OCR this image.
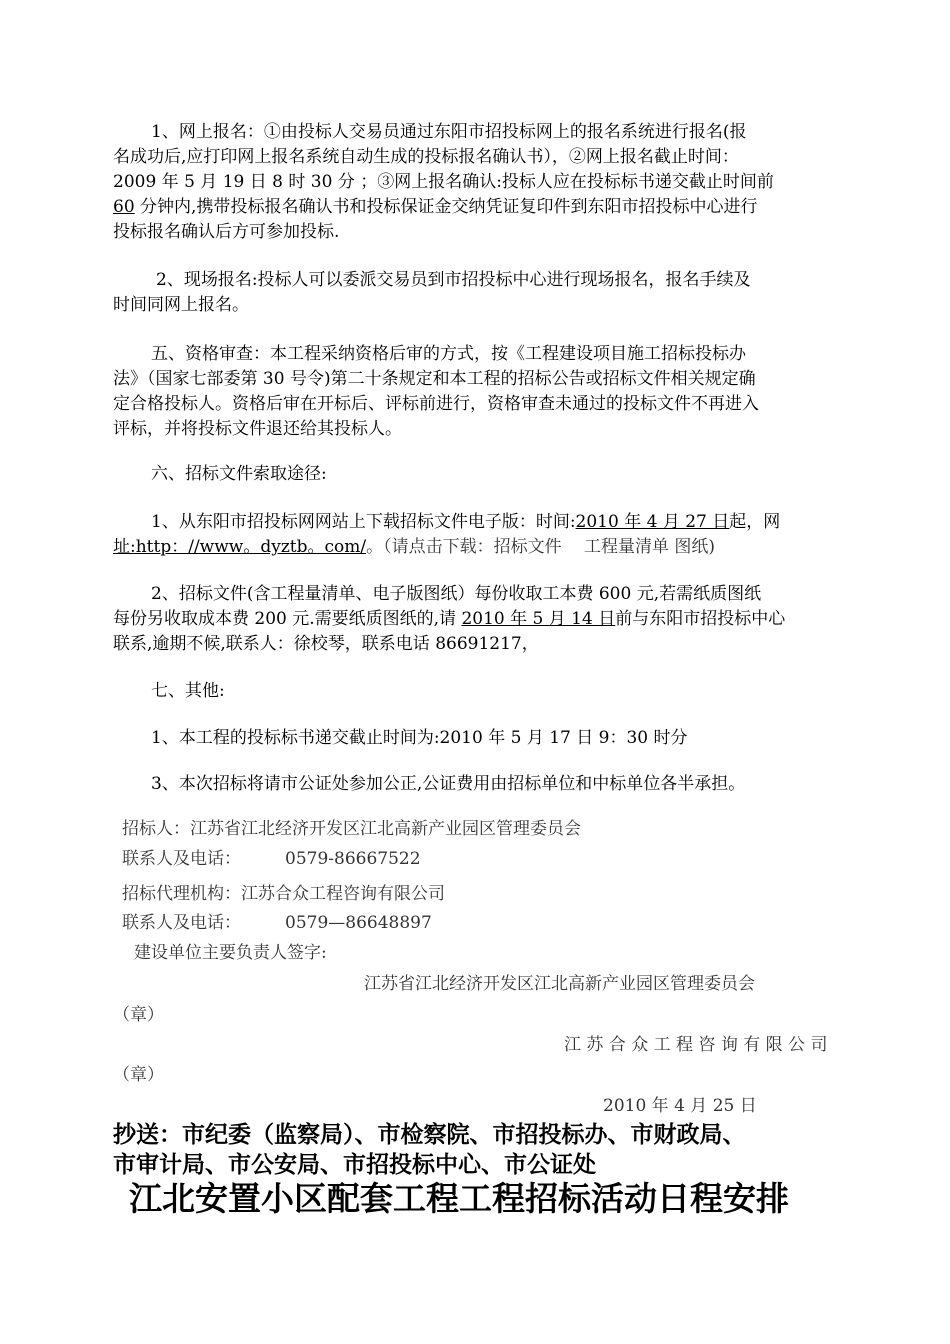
1、网上报名：①由投标人交易员通过东阳市招投标网上的报名系统进行报名(报
名成功后,应打印网上报名系统自动生成的投标报名确认书），②网上报名截止时间：
2009 年 5 月 19 日 8 时 30 分 ；③网上报名确认:投标人应在投标标书递交截止时间前
60 分钟内,携带投标报名确认书和投标保证金交纳凭证复印件到东阳市招投标中心进行
投标报名确认后方可参加投标.
2、现场报名:投标人可以委派交易员到市招投标中心进行现场报名，报名手续及
时间同网上报名。
五、资格审查：本工程采纳资格后审的方式，按《工程建设项目施工招标投标办
法》（国家七部委第 30 号令)第二十条规定和本工程的招标公告或招标文件相关规定确
定合格投标人。资格后审在开标后、评标前进行，资格审查未通过的投标文件不再进入
评标，并将投标文件退还给其投标人。
六、招标文件索取途径:
1、从东阳市招投标网网站上下载招标文件电子版：时间:2010 年 4 月 27 日起，网
址:http：//www。dyztb。com/。（请点击下载：招标文件　 工程量清单 图纸)
2、招标文件(含工程量清单、电子版图纸）每份收取工本费 600 元,若需纸质图纸
每份另收取成本费 200 元.需要纸质图纸的,请 2010 年 5 月 14 日前与东阳市招投标中心
联系,逾期不候,联系人：徐校琴，联系电话 86691217，
七、其他:
1、本工程的投标标书递交截止时间为:2010 年 5 月 17 日 9：30 时分
3、本次招标将请市公证处参加公正,公证费用由招标单位和中标单位各半承担。
招标人：江苏省江北经济开发区江北高新产业园区管理委员会
联系人及电话：	0579-86667522
招标代理机构：江苏合众工程咨询有限公司
联系人及电话：	0579—86648897
建设单位主要负责人签字:
江苏省江北经济开发区江北高新产业园区管理委员会
（章）
江 苏 合 众 工 程 咨 询 有 限 公 司
（章）
2010 年 4 月 25 日
抄送：市纪委（监察局）、市检察院、市招投标办、市财政局、
市审计局、市公安局、市招投标中心、市公证处
江北安置小区配套工程工程招标活动日程安排
